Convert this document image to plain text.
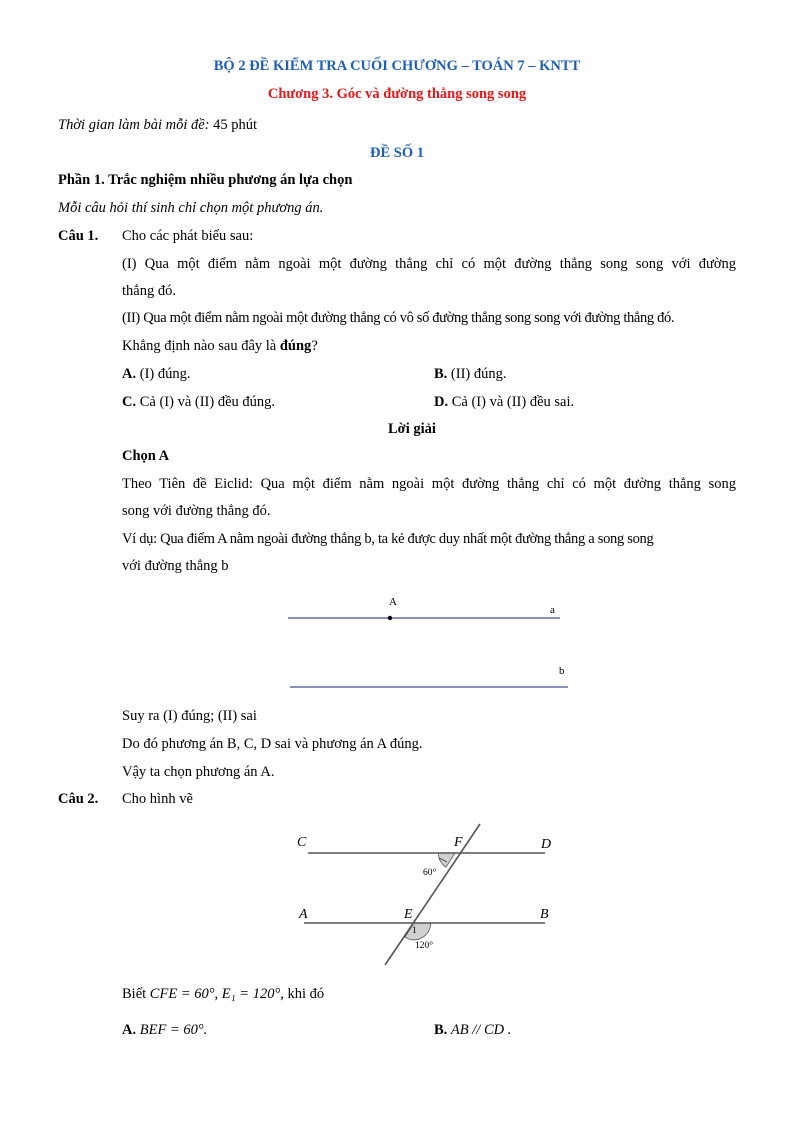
BỘ 2 ĐỀ KIỂM TRA CUỐI CHƯƠNG – TOÁN 7 – KNTT
Chương 3. Góc và đường thẳng song song
Thời gian làm bài mỗi đề: 45 phút
ĐỀ SỐ 1
Phần 1. Trắc nghiệm nhiều phương án lựa chọn
Mỗi câu hỏi thí sinh chỉ chọn một phương án.
Câu 1. Cho các phát biểu sau:
(I) Qua một điểm nằm ngoài một đường thẳng chỉ có một đường thẳng song song với đường
thẳng đó.
(II) Qua một điểm nằm ngoài một đường thẳng có vô số đường thẳng song song với đường thẳng đó.
Khẳng định nào sau đây là đúng?
A. (I) đúng.	B. (II) đúng.
C. Cả (I) và (II) đều đúng.	D. Cả (I) và (II) đều sai.
Lời giải
Chọn A
Theo Tiên đề Eiclid: Qua một điểm nằm ngoài một đường thẳng chỉ có một đường thẳng song
song với đường thẳng đó.
Ví dụ: Qua điểm A nằm ngoài đường thẳng b, ta kẻ được duy nhất một đường thẳng a song song
với đường thẳng b
A
a
b
Suy ra (I) đúng; (II) sai
Do đó phương án B, C, D sai và phương án A đúng.
Vậy ta chọn phương án A.
Câu 2. Cho hình vẽ
C	F	D
A	E	B
60°
1
120°
Biết CFE = 60°, E₁ = 120°, khi đó
A. BEF = 60°.	B. AB // CD .
